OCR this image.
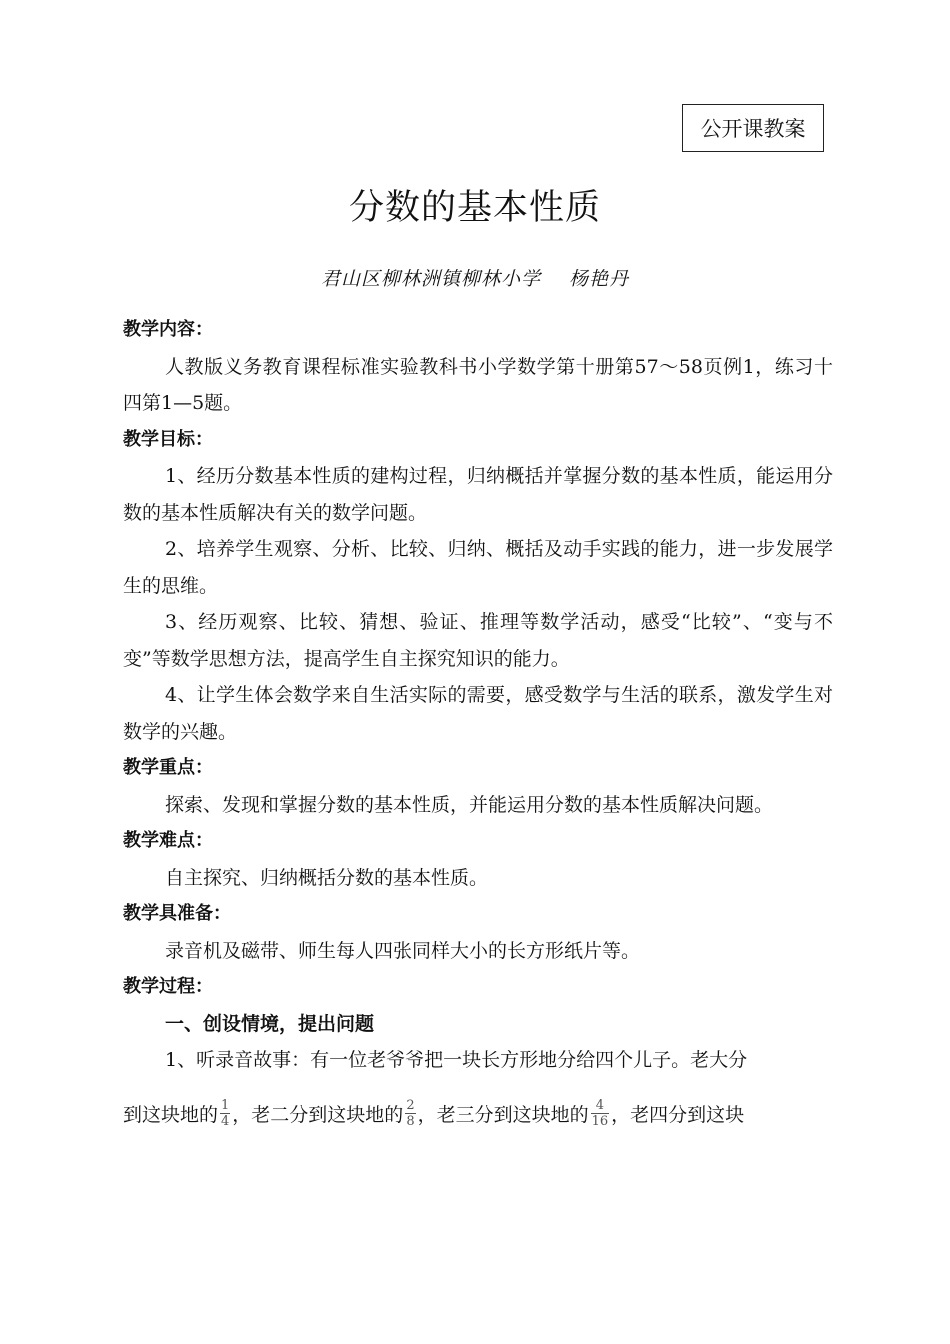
公开课教案
分数的基本性质
君山区柳林洲镇柳林小学 杨艳丹
教学内容：
人教版义务教育课程标准实验教科书小学数学第十册第57～58页例1，练习十四第1—5题。
教学目标：
1、经历分数基本性质的建构过程，归纳概括并掌握分数的基本性质，能运用分数的基本性质解决有关的数学问题。
2、培养学生观察、分析、比较、归纳、概括及动手实践的能力，进一步发展学生的思维。
3、经历观察、比较、猜想、验证、推理等数学活动，感受“比较”、“变与不变”等数学思想方法，提高学生自主探究知识的能力。
4、让学生体会数学来自生活实际的需要，感受数学与生活的联系，激发学生对数学的兴趣。
教学重点：
探索、发现和掌握分数的基本性质，并能运用分数的基本性质解决问题。
教学难点：
自主探究、归纳概括分数的基本性质。
教学具准备：
录音机及磁带、师生每人四张同样大小的长方形纸片等。
教学过程：
一、创设情境，提出问题
1、听录音故事：有一位老爷爷把一块长方形地分给四个儿子。老大分
到这块地的 $\frac{1}{4}$ ，老二分到这块地的 $\frac{2}{8}$ ，老三分到这块地的 $\frac{4}{16}$ ，老四分到这块
